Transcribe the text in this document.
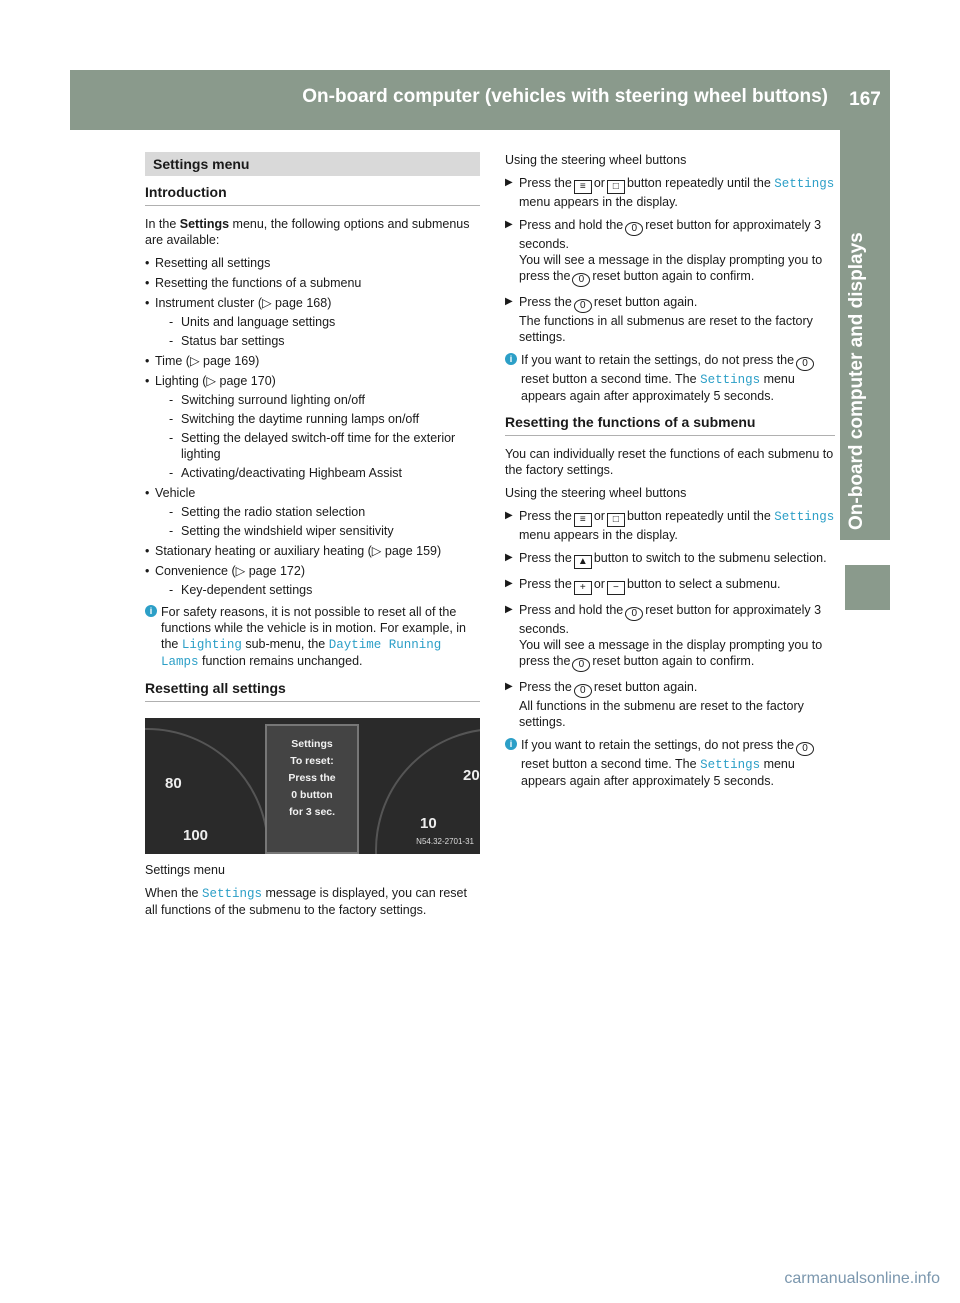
On-board computer (vehicles with steering wheel buttons)	167
On-board computer and displays
Settings menu
Introduction

In the Settings menu, the following options and submenus are available:

• Resetting all settings
• Resetting the functions of a submenu
• Instrument cluster (▷ page 168)
- Units and language settings
- Status bar settings
• Time (▷ page 169)
• Lighting (▷ page 170)
- Switching surround lighting on/off
- Switching the daytime running lamps on/off
- Setting the delayed switch-off time for the exterior lighting
- Activating/deactivating Highbeam Assist
• Vehicle
- Setting the radio station selection
- Setting the windshield wiper sensitivity
• Stationary heating or auxiliary heating (▷ page 159)
• Convenience (▷ page 172)
- Key-dependent settings
i For safety reasons, it is not possible to reset all of the functions while the vehicle is in motion. For example, in the Lighting sub‑menu, the Daytime Running Lamps function remains unchanged.
Resetting all settings
80
100
20
10
Settings
To reset:
Press the
0 button
for 3 sec.
N54.32-2701-31

Settings menu

When the Settings message is displayed, you can reset all functions of the submenu to the factory settings.

Using the steering wheel buttons

▶ Press the ≡ or □ button repeatedly until the Settings menu appears in the display.
▶ Press and hold the 0 reset button for approximately 3 seconds.
You will see a message in the display prompting you to press the 0 reset button again to confirm.
▶ Press the 0 reset button again.
The functions in all submenus are reset to the factory settings.
i If you want to retain the settings, do not press the 0reset button a second time. The Settings menu appears again after approximately 5 seconds.
Resetting the functions of a submenu

You can individually reset the functions of each submenu to the factory settings.

Using the steering wheel buttons

▶ Press the ≡ or □ button repeatedly until the Settings menu appears in the display.
▶ Press the ▲ button to switch to the submenu selection.
▶ Press the + or − button to select a submenu.
▶ Press and hold the 0 reset button for approximately 3 seconds.
You will see a message in the display prompting you to press the 0 reset button again to confirm.
▶ Press the 0 reset button again.
All functions in the submenu are reset to the factory settings.
i If you want to retain the settings, do not press the 0reset button a second time. The Settings menu appears again after approximately 5 seconds.
carmanualsonline.info
